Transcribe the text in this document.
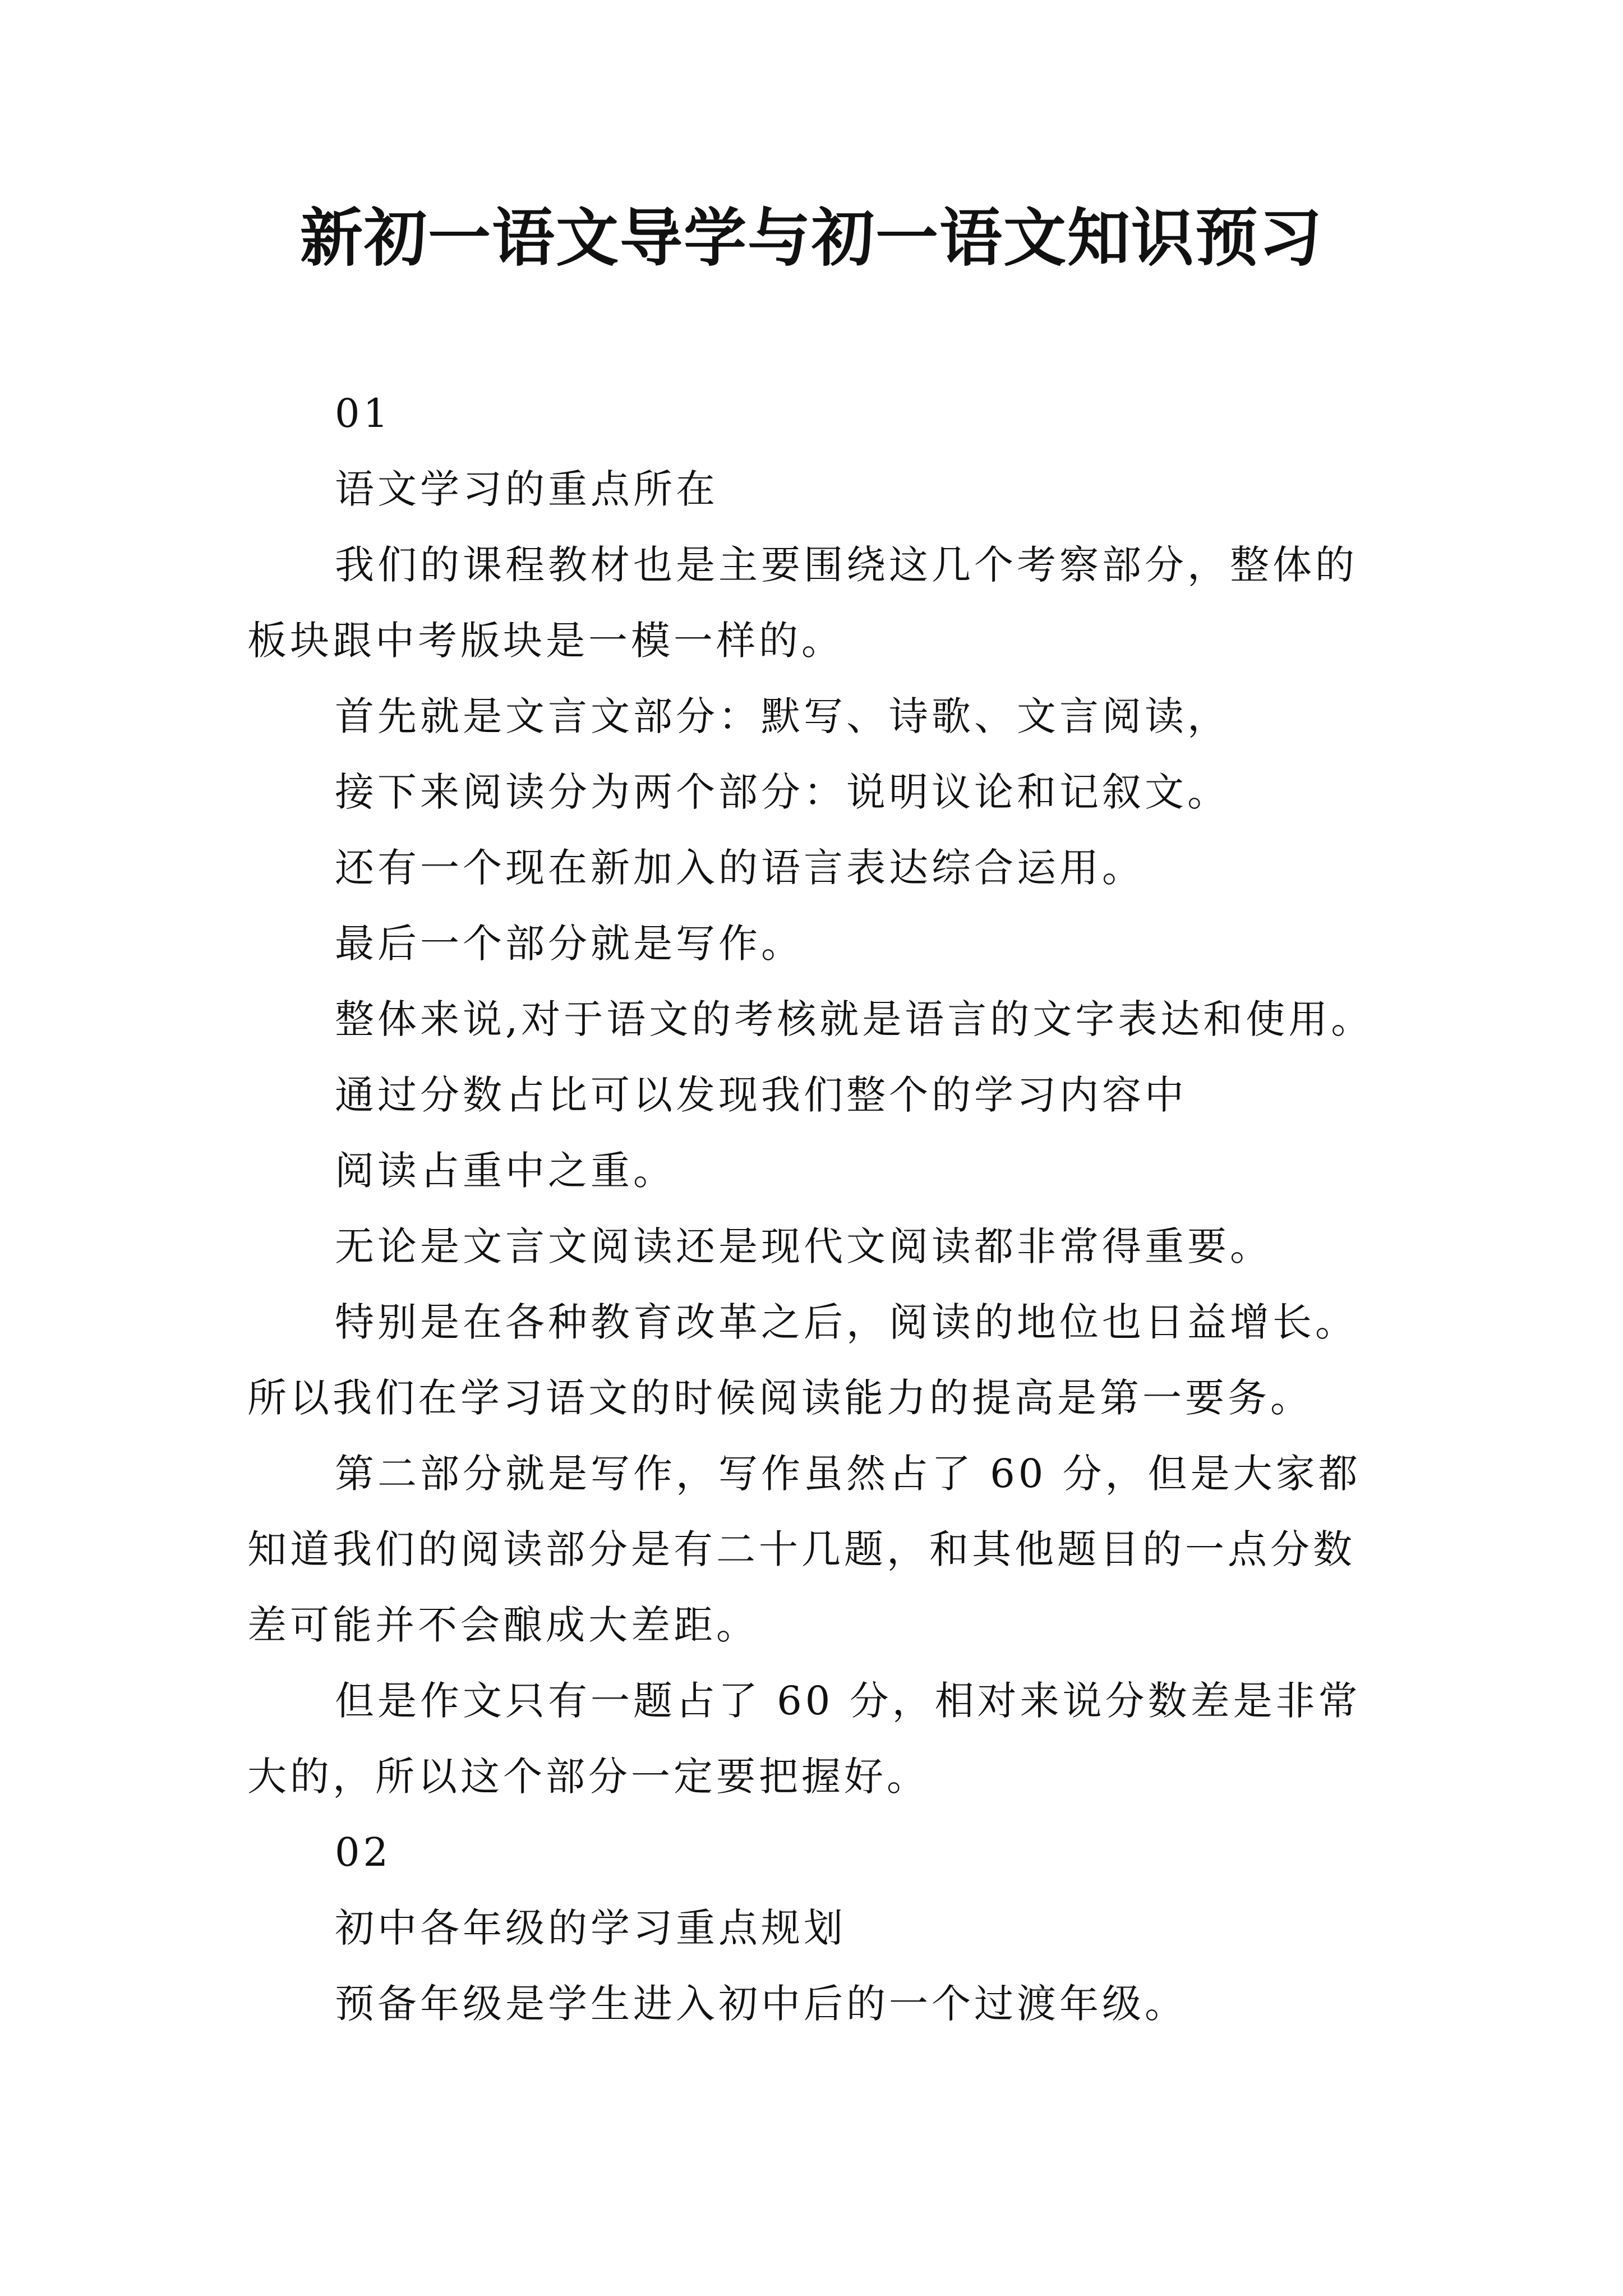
新初一语文导学与初一语文知识预习
01
语文学习的重点所在
我们的课程教材也是主要围绕这几个考察部分，整体的
板块跟中考版块是一模一样的。
首先就是文言文部分：默写、诗歌、文言阅读，
接下来阅读分为两个部分：说明议论和记叙文。
还有一个现在新加入的语言表达综合运用。
最后一个部分就是写作。
整体来说,对于语文的考核就是语言的文字表达和使用。
通过分数占比可以发现我们整个的学习内容中
阅读占重中之重。
无论是文言文阅读还是现代文阅读都非常得重要。
特别是在各种教育改革之后，阅读的地位也日益增长。
所以我们在学习语文的时候阅读能力的提高是第一要务。
第二部分就是写作，写作虽然占了 60 分，但是大家都
知道我们的阅读部分是有二十几题，和其他题目的一点分数
差可能并不会酿成大差距。
但是作文只有一题占了 60 分，相对来说分数差是非常
大的，所以这个部分一定要把握好。
02
初中各年级的学习重点规划
预备年级是学生进入初中后的一个过渡年级。
